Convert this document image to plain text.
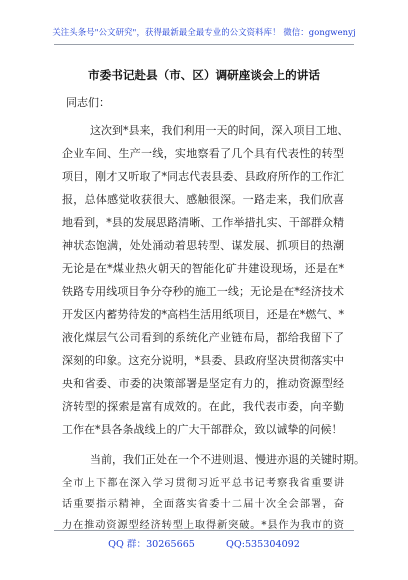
关注头条号"公文研究"，获得最新最全最专业的公文资料库！ 微信：gongwenyj
市委书记赴县（市、区）调研座谈会上的讲话
同志们：
这次到*县来，我们利用一天的时间，深入项目工地、
企业车间、生产一线，实地察看了几个具有代表性的转型
项目，刚才又听取了*同志代表县委、县政府所作的工作汇
报，总体感觉收获很大、感触很深。一路走来，我们欣喜
地看到，*县的发展思路清晰、工作举措扎实、干部群众精
神状态饱满，处处涌动着思转型、谋发展、抓项目的热潮
无论是在*煤业热火朝天的智能化矿井建设现场，还是在*
铁路专用线项目争分夺秒的施工一线；无论是在*经济技术
开发区内蓄势待发的*高档生活用纸项目，还是在*燃气、*
液化煤层气公司看到的系统化产业链布局，都给我留下了
深刻的印象。这充分说明，*县委、县政府坚决贯彻落实中
央和省委、市委的决策部署是坚定有力的，推动资源型经
济转型的探索是富有成效的。在此，我代表市委，向辛勤
工作在*县各条战线上的广大干部群众，致以诚挚的问候！
当前，我们正处在一个不进则退、慢进亦退的关键时期。
全市上下都在深入学习贯彻习近平总书记考察我省重要讲
话重要指示精神，全面落实省委十二届十次全会部署，奋
力在推动资源型经济转型上取得新突破。*县作为我市的资
QQ 群：30265665	QQ:535304092
